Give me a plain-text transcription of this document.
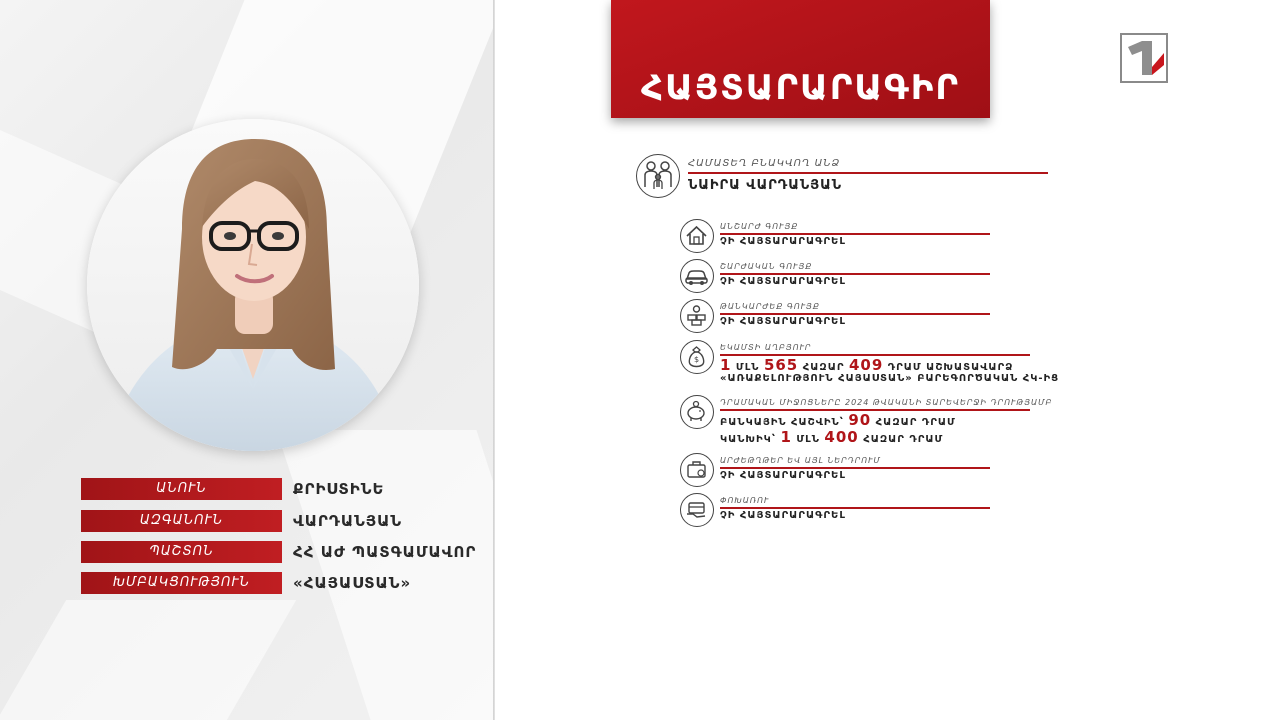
ԱՆՈՒՆ	ՔՐԻՍՏԻՆԵ
ԱԶԳԱՆՈՒՆ	ՎԱՐԴԱՆՅԱՆ
ՊԱՇՏՈՆ	ՀՀ ԱԺ ՊԱՏԳԱՄԱՎՈՐ
ԽՄԲԱԿՑՈՒԹՅՈՒՆ	«ՀԱՅԱՍՏԱՆ»
ՀԱՅՏԱՐԱՐԱԳԻՐ
ՀԱՄԱՏԵՂ ԲՆԱԿՎՈՂ ԱՆՁ
ՆԱԻՐԱ ՎԱՐԴԱՆՅԱՆ
ԱՆՇԱՐԺ ԳՈՒՅՔ
ՉԻ ՀԱՅՏԱՐԱՐԱԳՐԵԼ
ՇԱՐԺԱԿԱՆ ԳՈՒՅՔ
ՉԻ ՀԱՅՏԱՐԱՐԱԳՐԵԼ
ԹԱՆԿԱՐԺԵՔ ԳՈՒՅՔ
ՉԻ ՀԱՅՏԱՐԱՐԱԳՐԵԼ
$
ԵԿԱՄՏԻ ԱՂԲՅՈՒՐ
1 ՄԼՆ 565 ՀԱԶԱՐ 409 ԴՐԱՄ ԱՇԽԱՏԱՎԱՐՁ
«ԱՌԱՔԵԼՈՒԹՅՈՒՆ ՀԱՅԱՍՏԱՆ» ԲԱՐԵԳՈՐԾԱԿԱՆ ՀԿ-ԻՑ
ԴՐԱՄԱԿԱՆ ՄԻՋՈՑՆԵՐԸ 2024 ԹՎԱԿԱՆԻ ՏԱՐԵՎԵՐՋԻ ԴՐՈՒԹՅԱՄԲ
ԲԱՆԿԱՅԻՆ ՀԱՇՎԻՆ՝ 90 ՀԱԶԱՐ ԴՐԱՄ
ԿԱՆԽԻԿ՝ 1 ՄԼՆ 400 ՀԱԶԱՐ ԴՐԱՄ
ԱՐԺԵԹՂԹԵՐ ԵՎ ԱՅԼ ՆԵՐԴՐՈՒՄ
ՉԻ ՀԱՅՏԱՐԱՐԱԳՐԵԼ
ՓՈԽԱՌՈՒ
ՉԻ ՀԱՅՏԱՐԱՐԱԳՐԵԼ
